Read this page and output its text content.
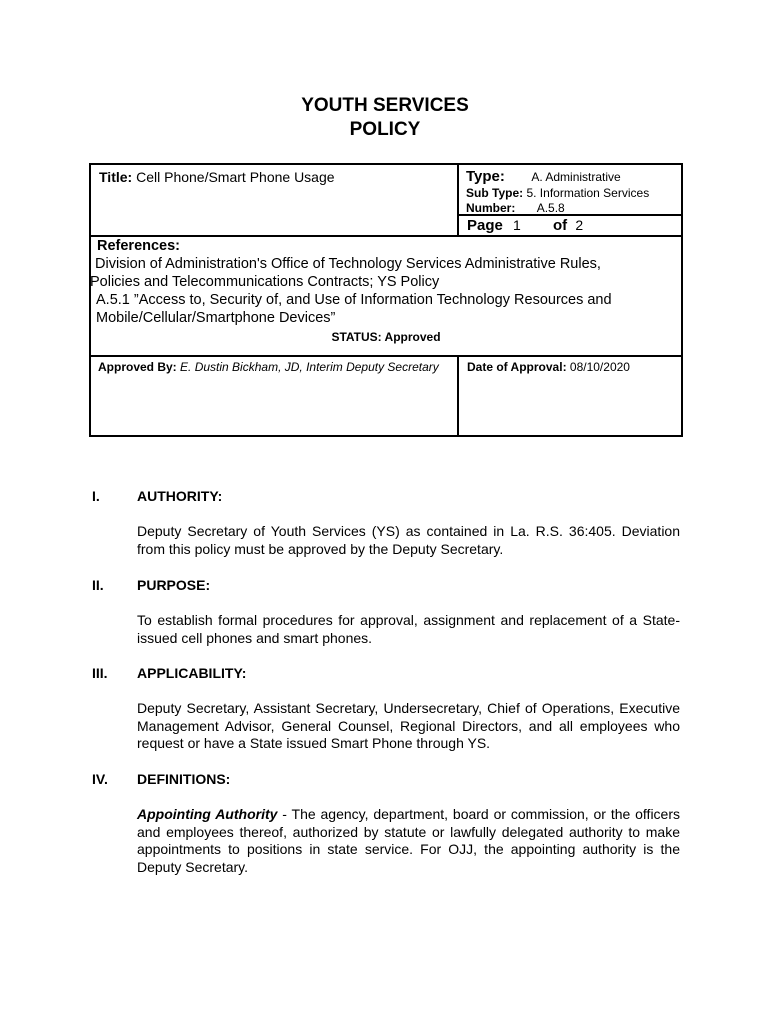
YOUTH SERVICES
POLICY
Title: Cell Phone/Smart Phone Usage	Type: A. Administrative
Sub Type: 5. Information Services
Number: A.5.8
Page 1 of 2
References:
Division of Administration's Office of Technology Services Administrative Rules,
Policies and Telecommunications Contracts; YS Policy
A.5.1 ”Access to, Security of, and Use of Information Technology Resources and
Mobile/Cellular/Smartphone Devices”
STATUS: Approved
Approved By: E. Dustin Bickham, JD, Interim Deputy Secretary Date of Approval: 08/10/2020
I.	AUTHORITY:
Deputy Secretary of Youth Services (YS) as contained in La. R.S. 36:405. Deviation from this policy must be approved by the Deputy Secretary.
II. PURPOSE:
To establish formal procedures for approval, assignment and replacement of a State-issued cell phones and smart phones.
III. APPLICABILITY:
Deputy Secretary, Assistant Secretary, Undersecretary, Chief of Operations, Executive Management Advisor, General Counsel, Regional Directors, and all employees who request or have a State issued Smart Phone through YS.
IV. DEFINITIONS:
Appointing Authority - The agency, department, board or commission, or the officers and employees thereof, authorized by statute or lawfully delegated authority to make appointments to positions in state service. For OJJ, the appointing authority is the Deputy Secretary.
